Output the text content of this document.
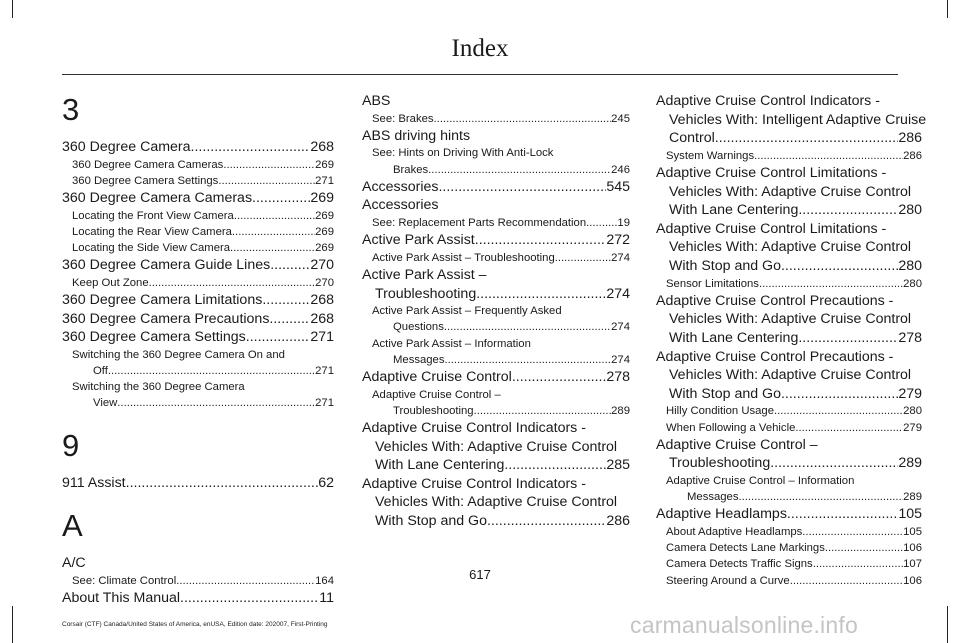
Index
3
360 Degree Camera .....	268
360 Degree Camera Cameras .....	269
360 Degree Camera Settings .....	271
360 Degree Camera Cameras .....	269
Locating the Front View Camera .....	269
Locating the Rear View Camera .....	269
Locating the Side View Camera .....	269
360 Degree Camera Guide Lines .....	270
Keep Out Zone .....	270
360 Degree Camera Limitations .....	268
360 Degree Camera Precautions .....	268
360 Degree Camera Settings .....	271
Switching the 360 Degree Camera On and
Off .....	271
Switching the 360 Degree Camera
View .....	271
9
911 Assist .....	62
A
A/C
See: Climate Control .....	164
About This Manual .....	11
ABS
See: Brakes .....	245
ABS driving hints
See: Hints on Driving With Anti-Lock
Brakes .....	246
Accessories .....	545
Accessories
See: Replacement Parts Recommendation .....	19
Active Park Assist .....	272
Active Park Assist – Troubleshooting .....	274
Active Park Assist –
Troubleshooting .....	274
Active Park Assist – Frequently Asked
Questions .....	274
Active Park Assist – Information
Messages .....	274
Adaptive Cruise Control .....	278
Adaptive Cruise Control –
Troubleshooting .....	289
Adaptive Cruise Control Indicators -
Vehicles With: Adaptive Cruise Control
With Lane Centering .....	285
Adaptive Cruise Control Indicators -
Vehicles With: Adaptive Cruise Control
With Stop and Go .....	286
Adaptive Cruise Control Indicators -
Vehicles With: Intelligent Adaptive Cruise
Control .....	286
System Warnings .....	286
Adaptive Cruise Control Limitations -
Vehicles With: Adaptive Cruise Control
With Lane Centering .....	280
Adaptive Cruise Control Limitations -
Vehicles With: Adaptive Cruise Control
With Stop and Go .....	280
Sensor Limitations .....	280
Adaptive Cruise Control Precautions -
Vehicles With: Adaptive Cruise Control
With Lane Centering .....	278
Adaptive Cruise Control Precautions -
Vehicles With: Adaptive Cruise Control
With Stop and Go .....	279
Hilly Condition Usage .....	280
When Following a Vehicle .....	279
Adaptive Cruise Control –
Troubleshooting .....	289
Adaptive Cruise Control – Information
Messages .....	289
Adaptive Headlamps .....	105
About Adaptive Headlamps .....	105
Camera Detects Lane Markings .....	106
Camera Detects Traffic Signs .....	107
Steering Around a Curve .....	106
617
Corsair (CTF) Canada/United States of America, enUSA, Edition date: 202007, First-Printing	carmanualsonline.info
